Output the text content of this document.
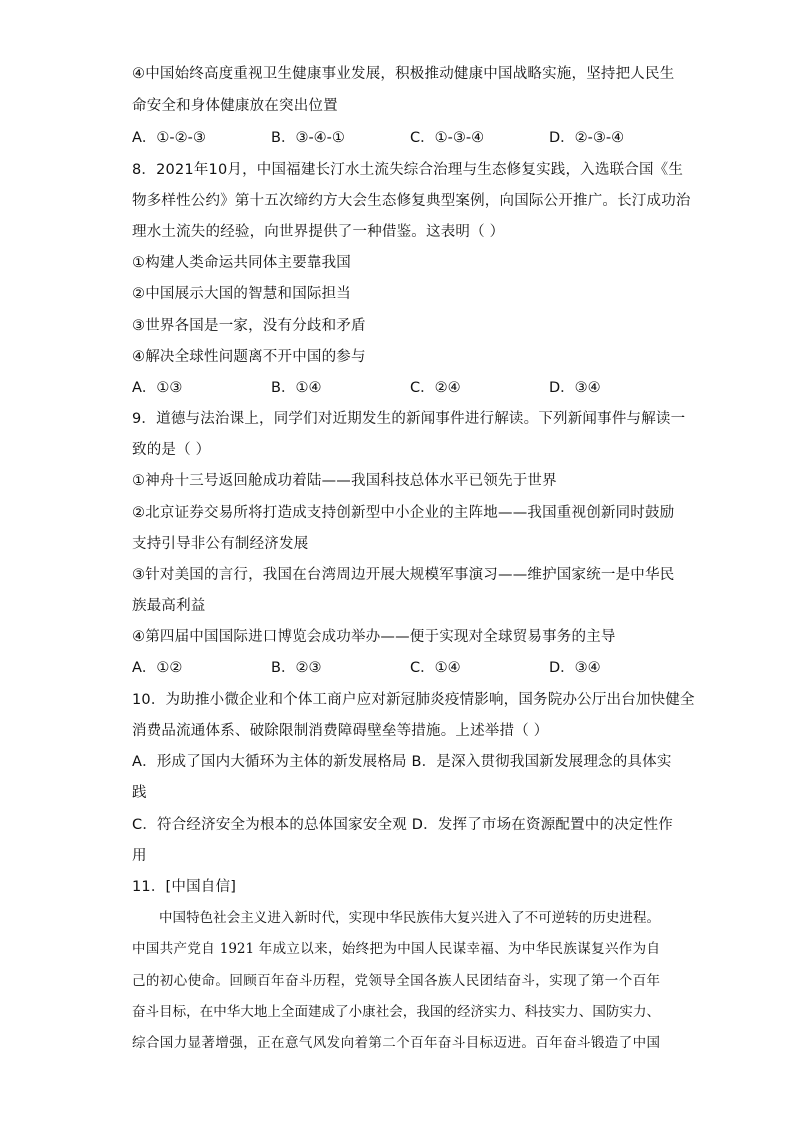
④中国始终高度重视卫生健康事业发展，积极推动健康中国战略实施，坚持把人民生
命安全和身体健康放在突出位置
A．①-②-③	B．③-④-①	C．①-③-④	D．②-③-④
8．2021年10月，中国福建长汀水土流失综合治理与生态修复实践，入选联合国《生
物多样性公约》第十五次缔约方大会生态修复典型案例，向国际公开推广。长汀成功治
理水土流失的经验，向世界提供了一种借鉴。这表明（ ）
①构建人类命运共同体主要靠我国
②中国展示大国的智慧和国际担当
③世界各国是一家，没有分歧和矛盾
④解决全球性问题离不开中国的参与
A．①③	B．①④	C．②④	D．③④
9．道德与法治课上，同学们对近期发生的新闻事件进行解读。下列新闻事件与解读一
致的是（ ）
①神舟十三号返回舱成功着陆——我国科技总体水平已领先于世界
②北京证券交易所将打造成支持创新型中小企业的主阵地——我国重视创新同时鼓励
支持引导非公有制经济发展
③针对美国的言行，我国在台湾周边开展大规模军事演习——维护国家统一是中华民
族最高利益
④第四届中国国际进口博览会成功举办——便于实现对全球贸易事务的主导
A．①②	B．②③	C．①④	D．③④
10．为助推小微企业和个体工商户应对新冠肺炎疫情影响，国务院办公厅出台加快健全
消费品流通体系、破除限制消费障碍壁垒等措施。上述举措（ ）
A．形成了国内大循环为主体的新发展格局 B．是深入贯彻我国新发展理念的具体实
践
C．符合经济安全为根本的总体国家安全观 D．发挥了市场在资源配置中的决定性作
用
11．[中国自信]
中国特色社会主义进入新时代，实现中华民族伟大复兴进入了不可逆转的历史进程。
中国共产党自 1921 年成立以来，始终把为中国人民谋幸福、为中华民族谋复兴作为自
己的初心使命。回顾百年奋斗历程，党领导全国各族人民团结奋斗，实现了第一个百年
奋斗目标，在中华大地上全面建成了小康社会，我国的经济实力、科技实力、国防实力、
综合国力显著增强，正在意气风发向着第二个百年奋斗目标迈进。百年奋斗锻造了中国
